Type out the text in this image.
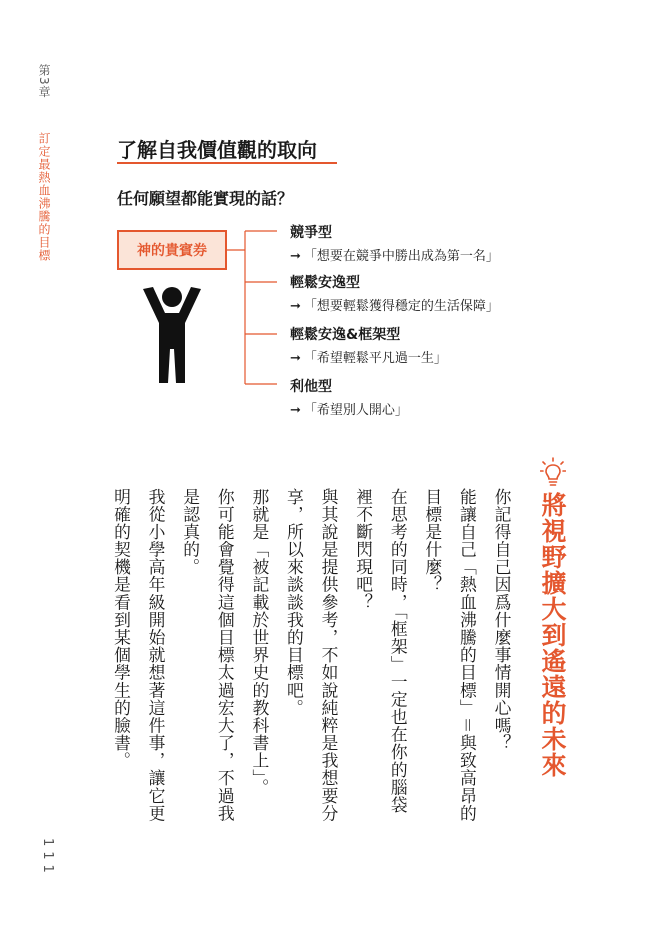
第3章
訂定最熱血沸騰的目標	了解自我價值觀的取向
任何願望都能實現的話？
神的貴賓券
競爭型
➞ 「想要在競爭中勝出成為第一名」
輕鬆安逸型
➞ 「想要輕鬆獲得穩定的生活保障」
輕鬆安逸&框架型
➞ 「希望輕鬆平凡過一生」
利他型
➞ 「希望別人開心」
將視野擴大到遙遠的未來

你記得自己因爲什麼事情開心嗎？

能讓自己「熱血沸騰的目標」＝與致高昂的目標是什麼？

在思考的同時，「框架」一定也在你的腦袋裡不斷閃現吧？

與其說是提供參考，不如說純粹是我想要分享，所以來談談我的目標吧。

那就是「被記載於世界史的教科書上」。

你可能會覺得這個目標太過宏大了，不過我是認真的。

我從小學高年級開始就想著這件事，讓它更明確的契機是看到某個學生的臉書。

111
